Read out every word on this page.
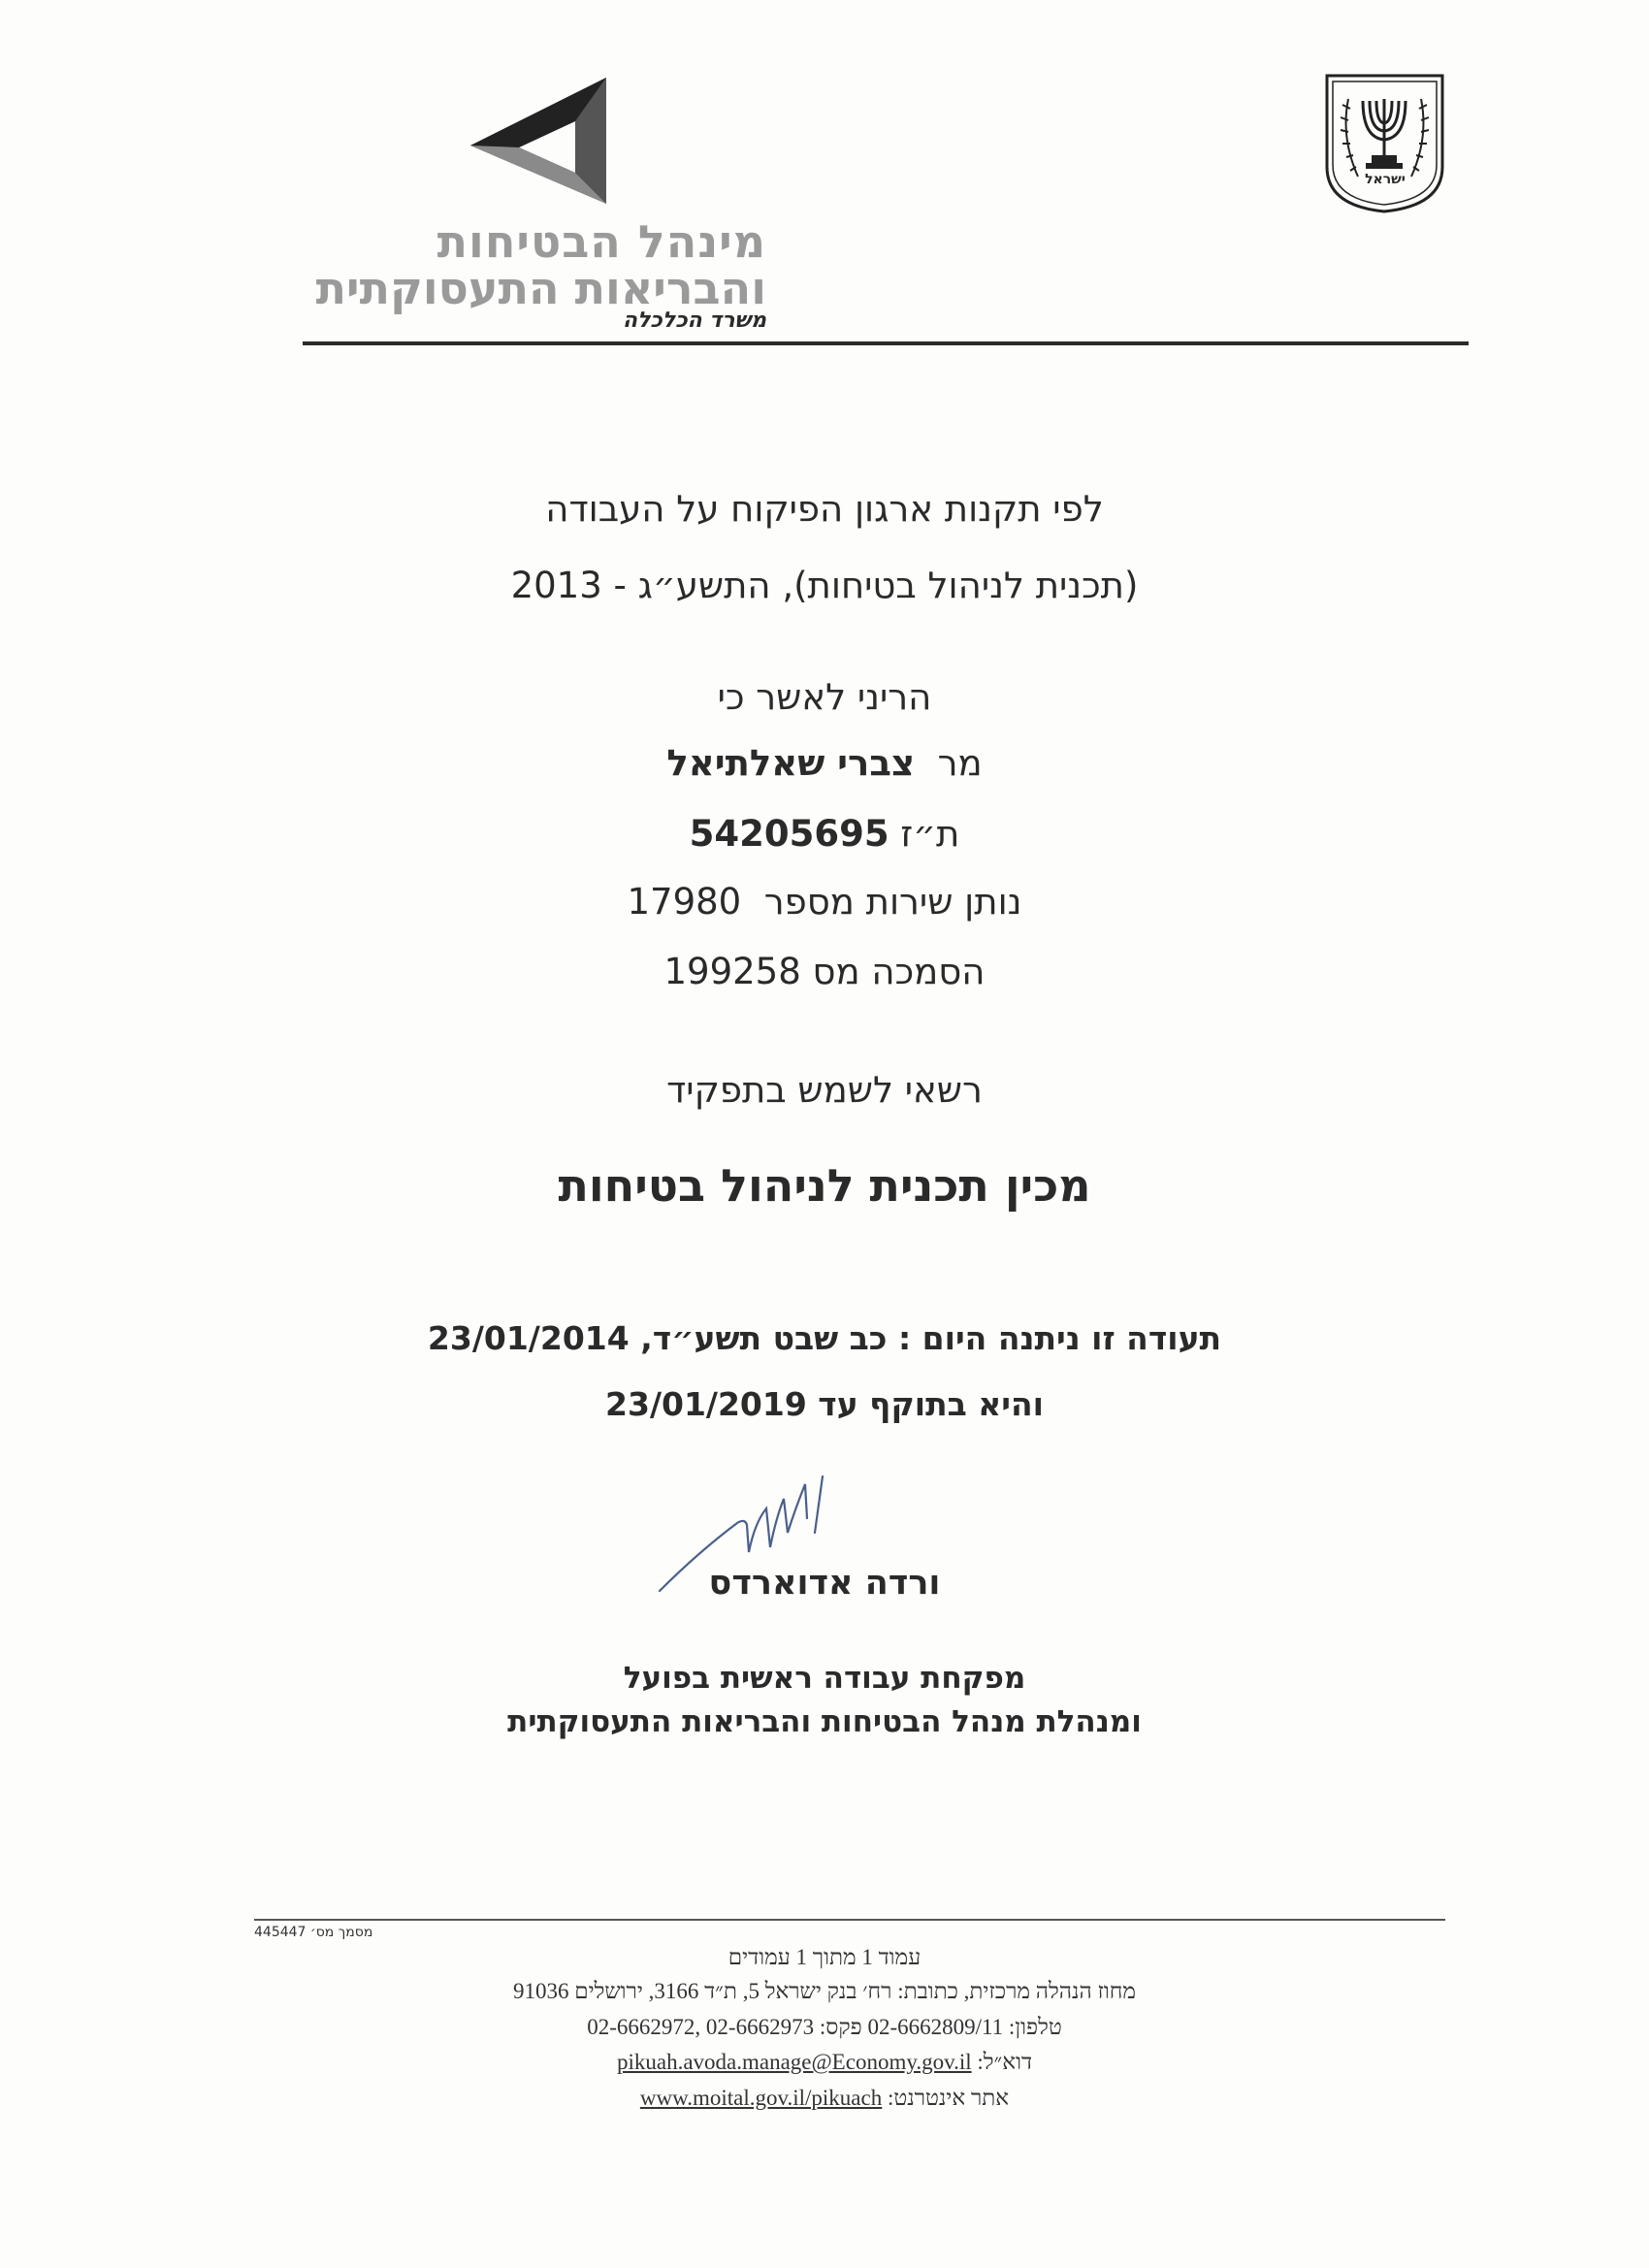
מינהל הבטיחות
והבריאות התעסוקתית
משרד הכלכלה
ישראל
לפי תקנות ארגון הפיקוח על העבודה
(תכנית לניהול בטיחות), התשע״ג - 2013
הריני לאשר כי
מר  צברי שאלתיאל
ת״ז 54205695
נותן שירות מספר  17980
הסמכה מס 199258
רשאי לשמש בתפקיד
מכין תכנית לניהול בטיחות
תעודה זו ניתנה היום : כב שבט תשע״ד, 23/01/2014
והיא בתוקף עד 23/01/2019
ורדה אדוארדס
מפקחת עבודה ראשית בפועל
ומנהלת מנהל הבטיחות והבריאות התעסוקתית
מסמך מס׳ 445447
עמוד 1 מתוך 1 עמודים
מחוז הנהלה מרכזית, כתובת: רח׳ בנק ישראל 5, ת״ד 3166, ירושלים 91036
טלפון: 02-6662809/11 פקס: 02-6662972, 02-6662973
דוא״ל: pikuah.avoda.manage@Economy.gov.il
אתר אינטרנט: www.moital.gov.il/pikuach
